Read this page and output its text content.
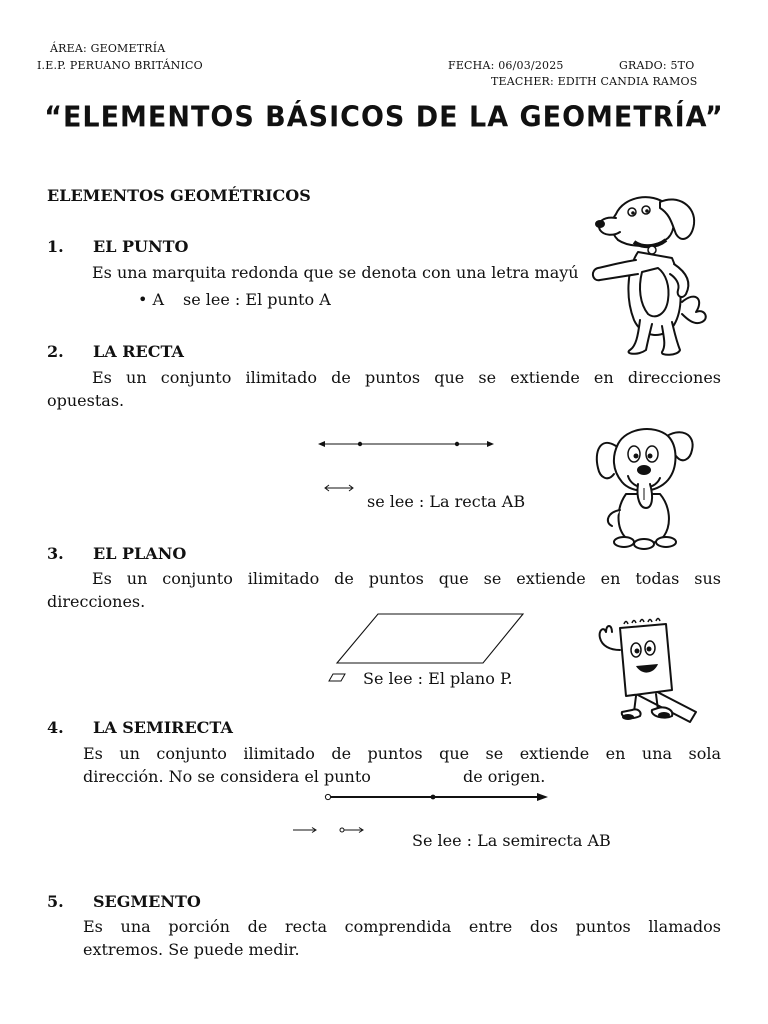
ÁREA: GEOMETRÍA
I.E.P. PERUANO BRITÁNICO	FECHA: 06/03/2025	GRADO: 5TO
TEACHER: EDITH CANDIA RAMOS
“ELEMENTOS BÁSICOS DE LA GEOMETRÍA”
ELEMENTOS GEOMÉTRICOS
1. EL PUNTO
Es una marquita redonda que se denota con una letra mayú
• A se lee : El punto A
2. LA RECTA
Es un conjunto ilimitado de puntos que se extiende en direcciones
opuestas.
se lee : La recta AB
3. EL PLANO
Es un conjunto ilimitado de puntos que se extiende en todas sus
direcciones.
Se lee : El plano P.
4. LA SEMIRECTA
Es un conjunto ilimitado de puntos que se extiende en una sola
dirección. No se considera el punto	de origen.
Se lee : La semirecta AB
5. SEGMENTO
Es una porción de recta comprendida entre dos puntos llamados
extremos. Se puede medir.
